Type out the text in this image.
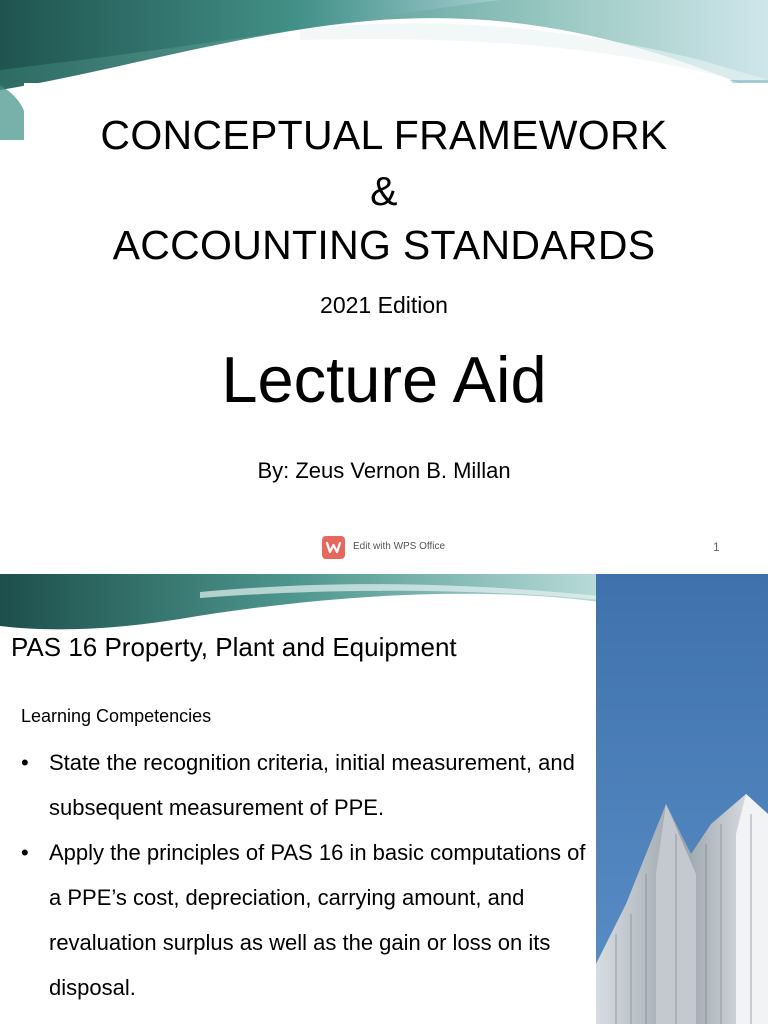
CONCEPTUAL FRAMEWORK
&
ACCOUNTING STANDARDS
2021 Edition
Lecture Aid
By: Zeus Vernon B. Millan
Edit with WPS Office	1
PAS 16 Property, Plant and Equipment
Learning Competencies
• State the recognition criteria, initial measurement, and subsequent measurement of PPE.
• Apply the principles of PAS 16 in basic computations of a PPE’s cost, depreciation, carrying amount, and revaluation surplus as well as the gain or loss on its disposal.
